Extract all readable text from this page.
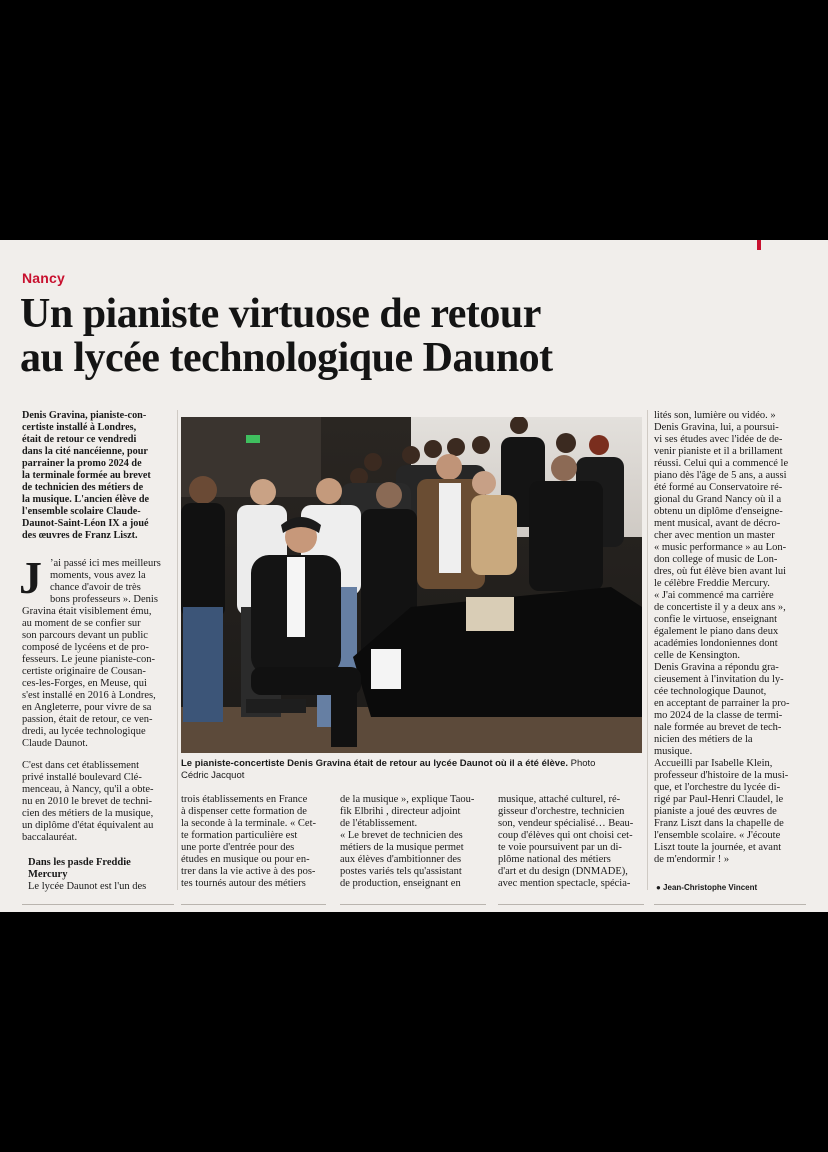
Nancy
Un pianiste virtuose de retour
au lycée technologique Daunot
Denis Gravina, pianiste-con-
certiste installé à Londres,
était de retour ce vendredi
dans la cité nancéienne, pour
parrainer la promo 2024 de
la terminale formée au brevet
de technicien des métiers de
la musique. L'ancien élève de
l'ensemble scolaire Claude-
Daunot-Saint-Léon IX a joué
des œuvres de Franz Liszt.
J ’ai passé ici mes meilleurs
moments, vous avez la
chance d'avoir de très
bons professeurs ». Denis
Gravina était visiblement ému,
au moment de se confier sur
son parcours devant un public
composé de lycéens et de pro-
fesseurs. Le jeune pianiste-con-
certiste originaire de Cousan-
ces-les-Forges, en Meuse, qui
s'est installé en 2016 à Londres,
en Angleterre, pour vivre de sa
passion, était de retour, ce ven-
dredi, au lycée technologique
Claude Daunot.
C'est dans cet établissement
privé installé boulevard Clé-
menceau, à Nancy, qu'il a obte-
nu en 2010 le brevet de techni-
cien des métiers de la musique,
un diplôme d'état équivalent au
baccalauréat.
Dans les pasde Freddie
Mercury
Le lycée Daunot est l'un des
Le pianiste-concertiste Denis Gravina était de retour au lycée Daunot où il a été élève. Photo
Cédric Jacquot
trois établissements en France
à dispenser cette formation de
la seconde à la terminale. « Cet-
te formation particulière est
une porte d'entrée pour des
études en musique ou pour en-
trer dans la vie active à des pos-
tes tournés autour des métiers
de la musique », explique Taou-
fik Elbrihi , directeur adjoint
de l'établissement.
« Le brevet de technicien des
métiers de la musique permet
aux élèves d'ambitionner des
postes variés tels qu'assistant
de production, enseignant en
musique, attaché culturel, ré-
gisseur d'orchestre, technicien
son, vendeur spécialisé… Beau-
coup d'élèves qui ont choisi cet-
te voie poursuivent par un di-
plôme national des métiers
d'art et du design (DNMADE),
avec mention spectacle, spécia-
lités son, lumière ou vidéo. »
Denis Gravina, lui, a poursui-
vi ses études avec l'idée de de-
venir pianiste et il a brillament
réussi. Celui qui a commencé le
piano dès l'âge de 5 ans, a aussi
été formé au Conservatoire ré-
gional du Grand Nancy où il a
obtenu un diplôme d'enseigne-
ment musical, avant de décro-
cher avec mention un master
« music performance » au Lon-
don college of music de Lon-
dres, où fut élève bien avant lui
le célèbre Freddie Mercury.
« J'ai commencé ma carrière
de concertiste il y a deux ans »,
confie le virtuose, enseignant
également le piano dans deux
académies londoniennes dont
celle de Kensington.
Denis Gravina a répondu gra-
cieusement à l'invitation du ly-
cée technologique Daunot,
en acceptant de parrainer la pro-
mo 2024 de la classe de termi-
nale formée au brevet de tech-
nicien des métiers de la
musique.
Accueilli par Isabelle Klein,
professeur d'histoire de la musi-
que, et l'orchestre du lycée di-
rigé par Paul-Henri Claudel, le
pianiste a joué des œuvres de
Franz Liszt dans la chapelle de
l'ensemble scolaire. « J'écoute
Liszt toute la journée, et avant
de m'endormir ! »
● Jean-Christophe Vincent
